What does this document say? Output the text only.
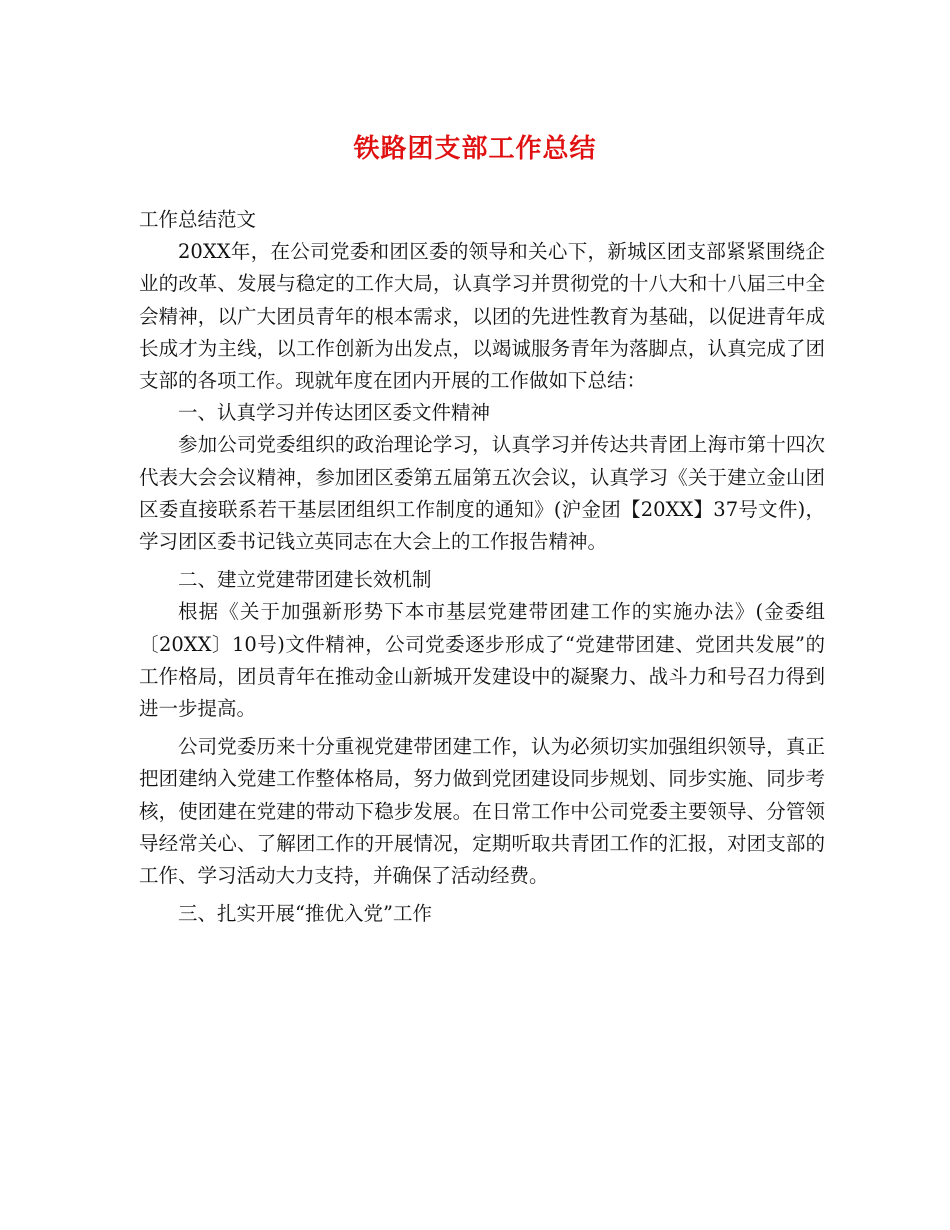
铁路团支部工作总结

工作总结范文

20XX年，在公司党委和团区委的领导和关心下，新城区团支部紧紧围绕企业的改革、发展与稳定的工作大局，认真学习并贯彻党的十八大和十八届三中全会精神，以广大团员青年的根本需求，以团的先进性教育为基础，以促进青年成长成才为主线，以工作创新为出发点，以竭诚服务青年为落脚点，认真完成了团支部的各项工作。现就年度在团内开展的工作做如下总结：

一、认真学习并传达团区委文件精神

参加公司党委组织的政治理论学习，认真学习并传达共青团上海市第十四次代表大会会议精神，参加团区委第五届第五次会议，认真学习《关于建立金山团区委直接联系若干基层团组织工作制度的通知》(沪金团【20XX】37号文件)，学习团区委书记钱立英同志在大会上的工作报告精神。

二、建立党建带团建长效机制

根据《关于加强新形势下本市基层党建带团建工作的实施办法》(金委组〔20XX〕10号)文件精神，公司党委逐步形成了“党建带团建、党团共发展”的工作格局，团员青年在推动金山新城开发建设中的凝聚力、战斗力和号召力得到进一步提高。

公司党委历来十分重视党建带团建工作，认为必须切实加强组织领导，真正把团建纳入党建工作整体格局，努力做到党团建设同步规划、同步实施、同步考核，使团建在党建的带动下稳步发展。在日常工作中公司党委主要领导、分管领导经常关心、了解团工作的开展情况，定期听取共青团工作的汇报，对团支部的工作、学习活动大力支持，并确保了活动经费。

三、扎实开展“推优入党”工作
